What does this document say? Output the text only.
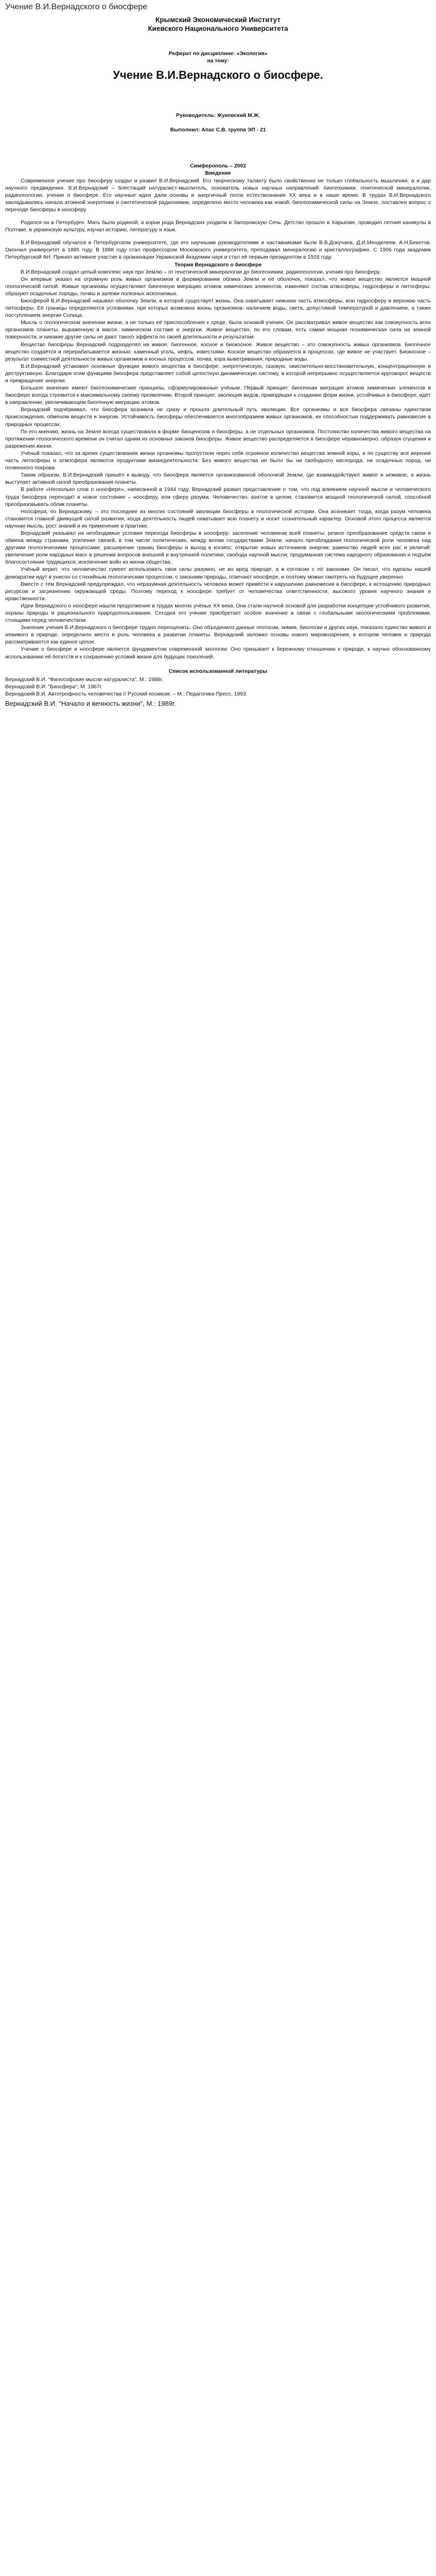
Учение В.И.Вернадского о биосфере
Крымский Экономический Институт
Киевского Национального Университета
Реферат по дисциплине: «Экология»
на тему:
Учение В.И.Вернадского о биосфере.
Руководитель: Жуковский М.Ж.
Выполнил: Апас С.В. группа ЭП - 21
Симферополь – 2002
Введение

Современное учение про биосферу создал и развил В.И.Вернадский. Его творческому таланту было свойственно не только глобальность мышления, а и дар научного предвидения. В.И.Вернадский – блестящий натуралист-мыслитель, основатель новых научных направлений: биогеохимии, генетической минералогии, радиогеологии, учения о биосфере. Его научные идеи дали основы и энергичный поток естествознания XX века и в наше время. В трудах В.И.Вернадского закладывались начала атомной энергетики и синтетической радиохимии, определено место человека как новой, биогеохимической силы на Земле, поставлен вопрос о переходе биосферы в ноосферу.

Родился он в Петербурге. Мать была родиной, а корни рода Вернадских уходили в Запорожскую Сечь. Детство прошло в Харькове, проводил летние каникулы в Полтаве, в украинскую культуру, изучал историю, литературу и язык.

В.И.Вернадский обучался в Петербургском университете, где его научными руководителями и наставниками были В.В.Докучаев, Д.И.Менделеев, А.Н.Бекетов. Окончил университет в 1885 году. В 1898 году стал профессором Московского университета, преподавал минералогию и кристаллографию. С 1906 года академик Петербургской АН. Принял активное участие в организации Украинской Академии наук и стал её первым президентом в 1918 году.

Теория Вернадского о биосфере

В.И.Вернадский создал целый комплекс наук про Землю – от генетической минералогии до биогеохимии, радиогеологии, учения про биосферу.

Он впервые указал на огромную роль живых организмов в формировании облика Земли и её оболочек, показал, что живое вещество является мощной геологической силой. Живые организмы осуществляют биогенную миграцию атомов химических элементов, изменяют состав атмосферы, гидросферы и литосферы, образуют осадочные породы, почвы и залежи полезных ископаемых.

Биосферой В.И.Вернадский называл оболочку Земли, в которой существует жизнь. Она охватывает нижнюю часть атмосферы, всю гидросферу и верхнюю часть литосферы. Её границы определяются условиями, при которых возможна жизнь организмов: наличием воды, света, допустимой температурой и давлением, а также поступлением энергии Солнца.

Мысль о геологическом значении жизни, а не только её приспособления к среде, была основой учения. Он рассматривал живое вещество как совокупность всех организмов планеты, выраженную в массе, химическом составе и энергии. Живое вещество, по его словам, есть самая мощная геохимическая сила на земной поверхности, и никакие другие силы не дают такого эффекта по своей длительности и результатам.

Вещество биосферы Вернадский подразделял на живое, биогенное, косное и биокосное. Живое вещество – это совокупность живых организмов. Биогенное вещество создаётся и перерабатывается жизнью: каменный уголь, нефть, известняки. Косное вещество образуется в процессах, где живое не участвует. Биокосное – результат совместной деятельности живых организмов и косных процессов: почва, кора выветривания, природные воды.

В.И.Вернадский установил основные функции живого вещества в биосфере: энергетическую, газовую, окислительно-восстановительную, концентрационную и деструктивную. Благодаря этим функциям биосфера представляет собой целостную динамическую систему, в которой непрерывно осуществляется круговорот веществ и превращение энергии.

Большое значение имеют биогеохимические принципы, сформулированные учёным. Первый принцип: биогенная миграция атомов химических элементов в биосфере всегда стремится к максимальному своему проявлению. Второй принцип: эволюция видов, приводящая к созданию форм жизни, устойчивых в биосфере, идёт в направлении, увеличивающем биогенную миграцию атомов.

Вернадский подчёркивал, что биосфера возникла не сразу и прошла длительный путь эволюции. Все организмы и вся биосфера связаны единством происхождения, обменом веществ и энергии. Устойчивость биосферы обеспечивается многообразием живых организмов, их способностью поддерживать равновесие в природных процессах.

По его мнению, жизнь на Земле всегда существовала в форме биоценозов и биосферы, а не отдельных организмов. Постоянство количества живого вещества на протяжении геологического времени он считал одним из основных законов биосферы. Живое вещество распределяется в биосфере неравномерно, образуя сгущения и разрежения жизни.

Учёный показал, что за время существования жизни организмы пропустили через себя огромное количество вещества земной коры, и по существу вся верхняя часть литосферы и атмосфера являются продуктами жизнедеятельности. Без живого вещества не было бы ни свободного кислорода, ни осадочных пород, ни почвенного покрова.

Таким образом, В.И.Вернадский пришёл к выводу, что биосфера является организованной оболочкой Земли, где взаимодействуют живое и неживое, а жизнь выступает активной силой преобразования планеты.

В работе «Несколько слов о ноосфере», написанной в 1944 году, Вернадский развил представление о том, что под влиянием научной мысли и человеческого труда биосфера переходит в новое состояние – ноосферу, или сферу разума. Человечество, взятое в целом, становится мощной геологической силой, способной преобразовывать облик планеты.

Ноосфера, по Вернадскому, – это последнее из многих состояний эволюции биосферы в геологической истории. Она возникает тогда, когда разум человека становится главной движущей силой развития, когда деятельность людей охватывает всю планету и носит сознательный характер. Основой этого процесса является научная мысль, рост знаний и их применение в практике.

Вернадский указывал на необходимые условия перехода биосферы в ноосферу: заселение человеком всей планеты; резкое преобразование средств связи и обмена между странами; усиление связей, в том числе политических, между всеми государствами Земли; начало преобладания геологической роли человека над другими геологическими процессами; расширение границ биосферы и выход в космос; открытие новых источников энергии; равенство людей всех рас и религий; увеличение роли народных масс в решении вопросов внешней и внутренней политики; свобода научной мысли; продуманная система народного образования и подъём благосостояния трудящихся; исключение войн из жизни общества.

Учёный верил, что человечество сумеет использовать свои силы разумно, не во вред природе, а в согласии с её законами. Он писал, что идеалы нашей демократии идут в унисон со стихийным геологическим процессом, с законами природы, отвечают ноосфере, и поэтому можно смотреть на будущее уверенно.

Вместе с тем Вернадский предупреждал, что неразумная деятельность человека может привести к нарушению равновесия в биосфере, к истощению природных ресурсов и загрязнению окружающей среды. Поэтому переход к ноосфере требует от человечества ответственности, высокого уровня научного знания и нравственности.

Идеи Вернадского о ноосфере нашли продолжение в трудах многих учёных XX века. Они стали научной основой для разработки концепции устойчивого развития, охраны природы и рационального природопользования. Сегодня его учение приобретает особое значение в связи с глобальными экологическими проблемами, стоящими перед человечеством.

Значение учения В.И.Вернадского о биосфере трудно переоценить. Оно объединило данные геологии, химии, биологии и других наук, показало единство живого и неживого в природе, определило место и роль человека в развитии планеты. Вернадский заложил основы нового мировоззрения, в котором человек и природа рассматриваются как единое целое.

Учение о биосфере и ноосфере является фундаментом современной экологии. Оно призывает к бережному отношению к природе, к научно обоснованному использованию её богатств и к сохранению условий жизни для будущих поколений.

Список использованной литературы
Вернадский В.И. "Философские мысли натуралиста", М.: 1988г.
Вернадский В.И. "Биосфера", М. 1967г.
Вернадский В.И. Автотрофность человечества // Русский космизм. – М.: Педагогика-Пресс, 1993.
Вернадский В.И. "Начало и вечность жизни", М.: 1989г.
